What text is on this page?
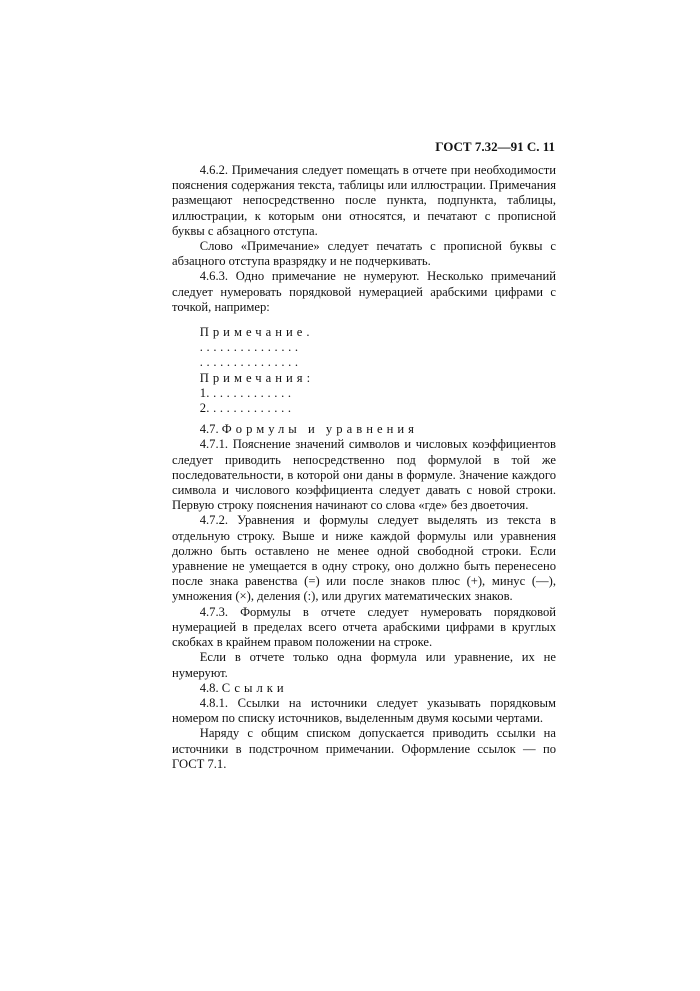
ГОСТ 7.32—91 С. 11

4.6.2. Примечания следует помещать в отчете при необходимости пояснения содержания текста, таблицы или иллюстрации. Примечания размещают непосредственно после пункта, подпункта, таблицы, иллюстрации, к которым они относятся, и печатают с прописной буквы с абзацного отступа.

Слово «Примечание» следует печатать с прописной буквы с абзацного отступа вразрядку и не подчеркивать.

4.6.3. Одно примечание не нумеруют. Несколько примечаний следует нумеровать порядковой нумерацией арабскими цифрами с точкой, например:

Примечание.
. . . . . . . . . . . . . . .
. . . . . . . . . . . . . . .
Примечания:
1. . . . . . . . . . . . .
2. . . . . . . . . . . . .

4.7. Формулы и уравнения

4.7.1. Пояснение значений символов и числовых коэффициентов следует приводить непосредственно под формулой в той же последовательности, в которой они даны в формуле. Значение каждого символа и числового коэффициента следует давать с новой строки. Первую строку пояснения начинают со слова «где» без двоеточия.

4.7.2. Уравнения и формулы следует выделять из текста в отдельную строку. Выше и ниже каждой формулы или уравнения должно быть оставлено не менее одной свободной строки. Если уравнение не умещается в одну строку, оно должно быть перенесено после знака равенства (=) или после знаков плюс (+), минус (—), умножения (×), деления (:), или других математических знаков.

4.7.3. Формулы в отчете следует нумеровать порядковой нумерацией в пределах всего отчета арабскими цифрами в круглых скобках в крайнем правом положении на строке.

Если в отчете только одна формула или уравнение, их не нумеруют.

4.8. Ссылки

4.8.1. Ссылки на источники следует указывать порядковым номером по списку источников, выделенным двумя косыми чертами.

Наряду с общим списком допускается приводить ссылки на источники в подстрочном примечании. Оформление ссылок — по ГОСТ 7.1.
